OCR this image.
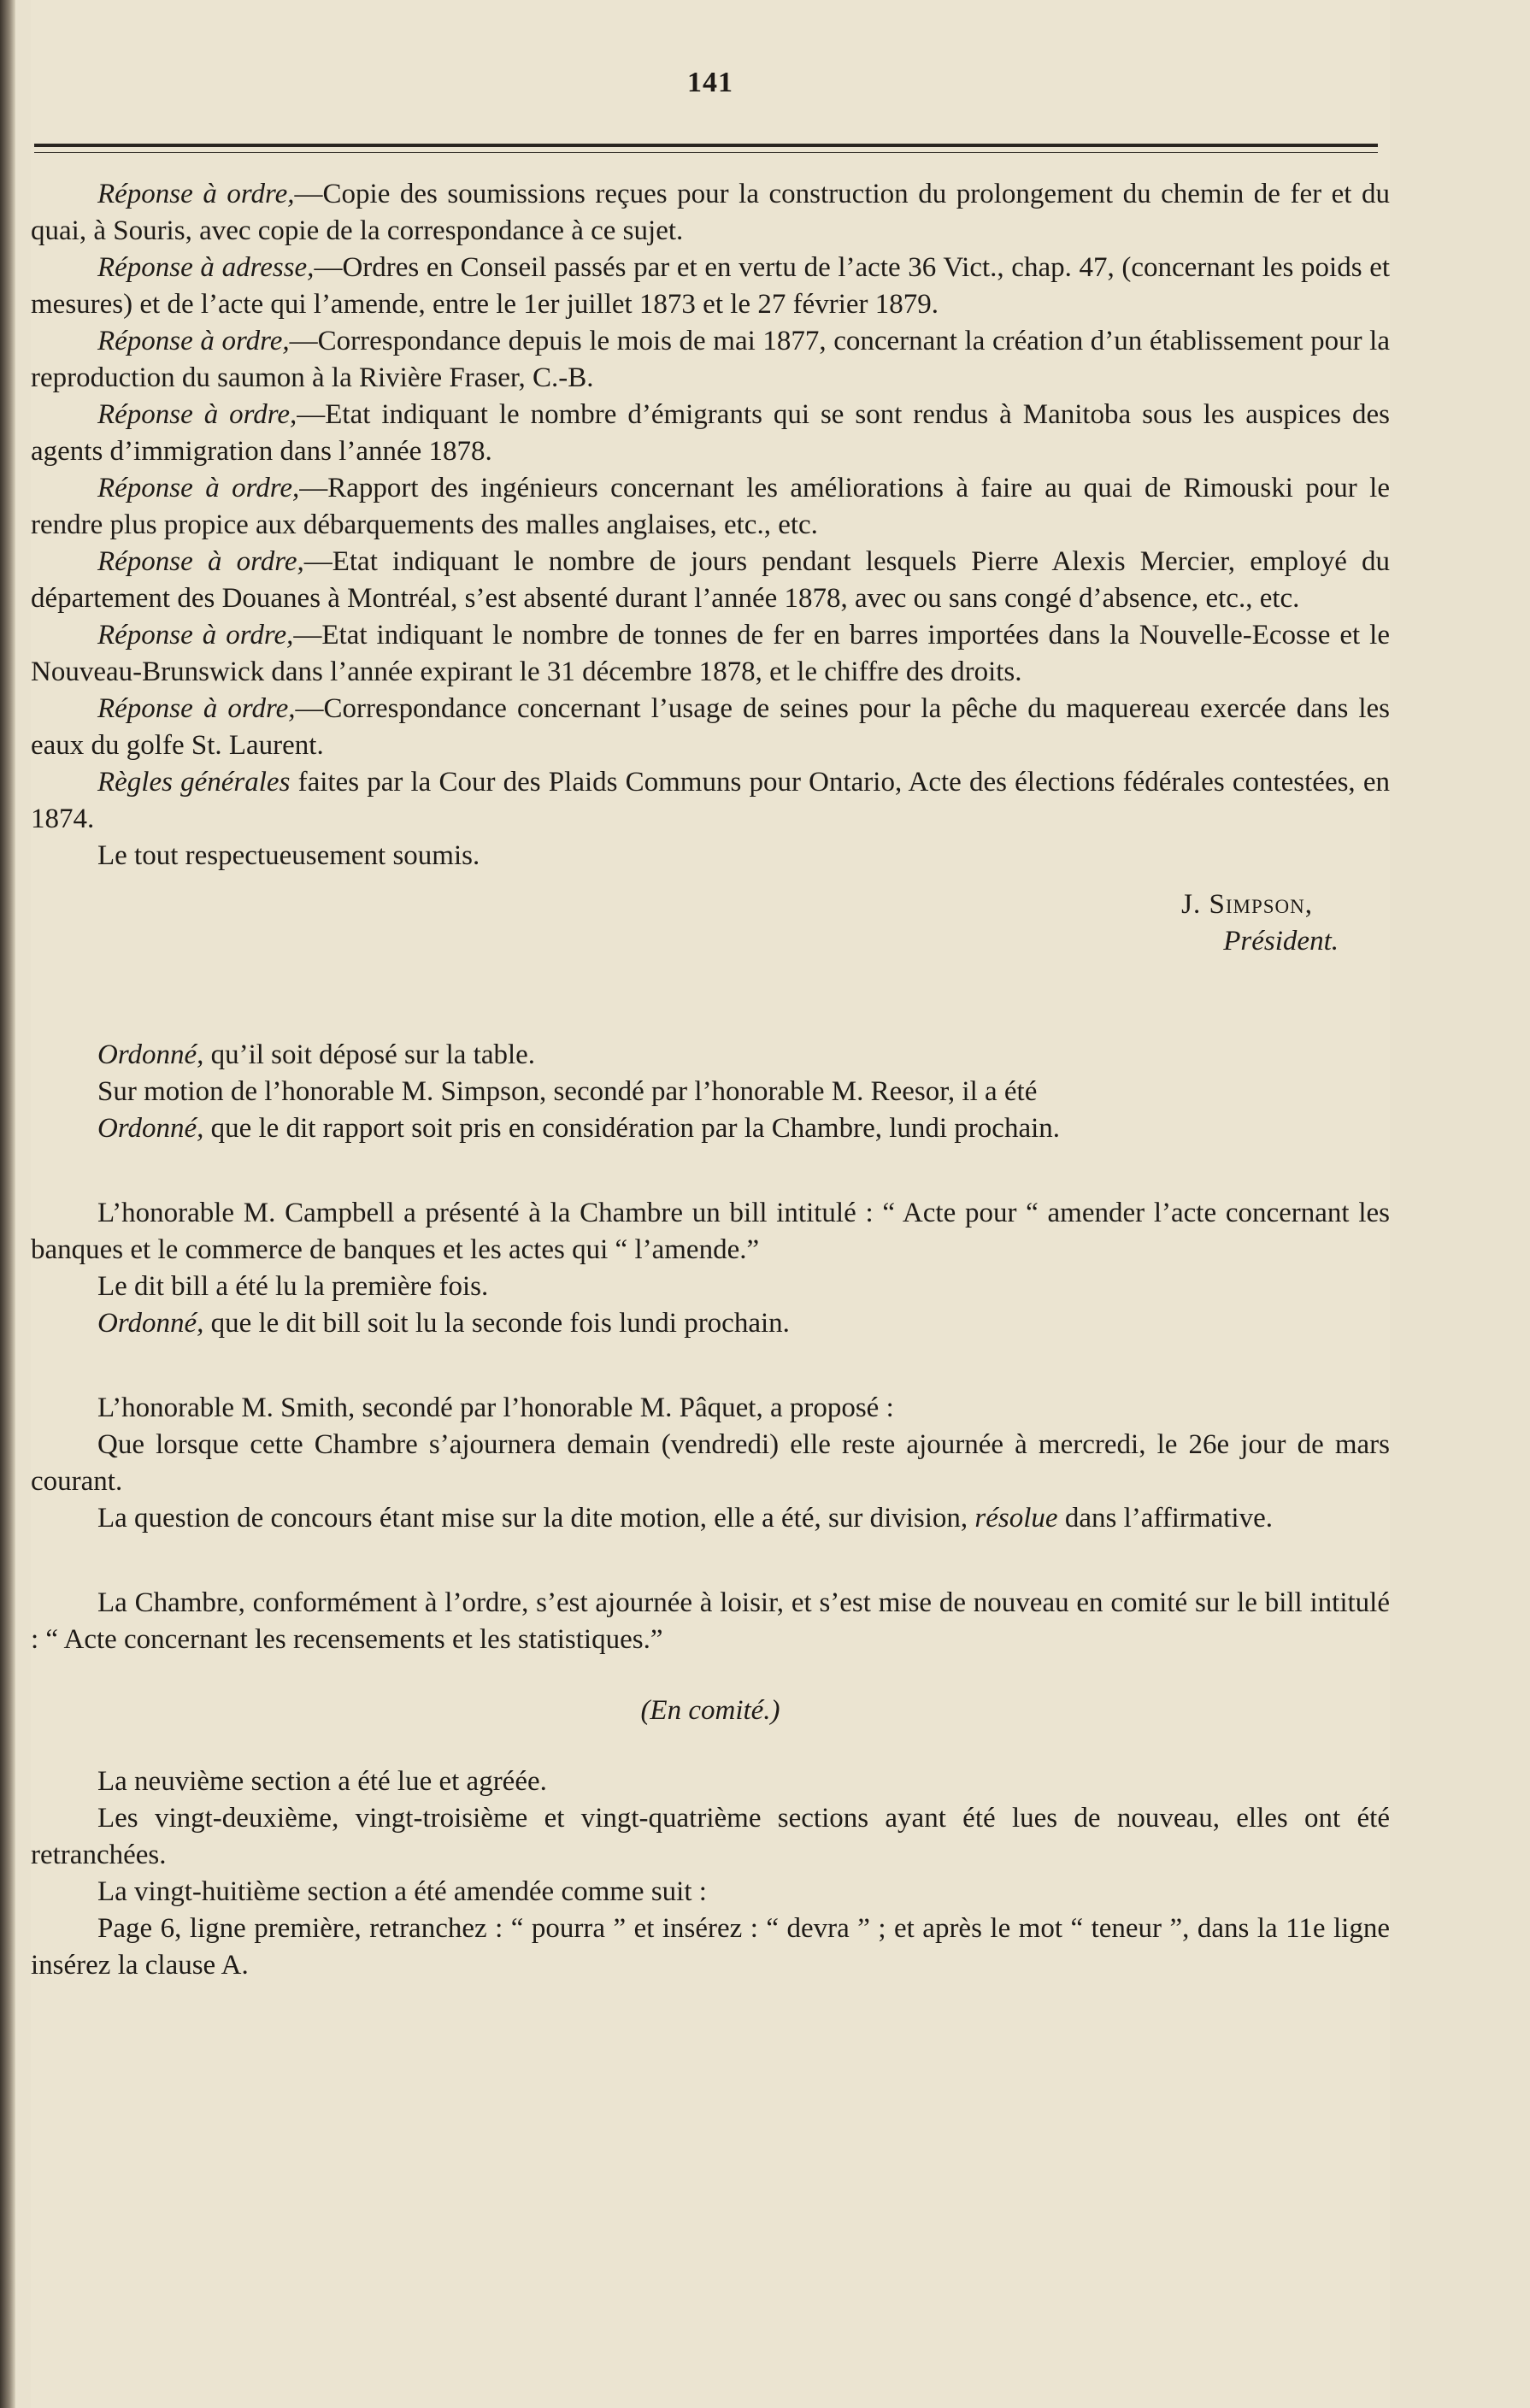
141

Réponse à ordre,—Copie des soumissions reçues pour la construction du prolongement du chemin de fer et du quai, à Souris, avec copie de la correspondance à ce sujet.

Réponse à adresse,—Ordres en Conseil passés par et en vertu de l’acte 36 Vict., chap. 47, (concernant les poids et mesures) et de l’acte qui l’amende, entre le 1er juillet 1873 et le 27 février 1879.

Réponse à ordre,—Correspondance depuis le mois de mai 1877, concernant la création d’un établissement pour la reproduction du saumon à la Rivière Fraser, C.-B.

Réponse à ordre,—Etat indiquant le nombre d’émigrants qui se sont rendus à Manitoba sous les auspices des agents d’immigration dans l’année 1878.

Réponse à ordre,—Rapport des ingénieurs concernant les améliorations à faire au quai de Rimouski pour le rendre plus propice aux débarquements des malles anglaises, etc., etc.

Réponse à ordre,—Etat indiquant le nombre de jours pendant lesquels Pierre Alexis Mercier, employé du département des Douanes à Montréal, s’est absenté durant l’année 1878, avec ou sans congé d’absence, etc., etc.

Réponse à ordre,—Etat indiquant le nombre de tonnes de fer en barres importées dans la Nouvelle-Ecosse et le Nouveau-Brunswick dans l’année expirant le 31 décembre 1878, et le chiffre des droits.

Réponse à ordre,—Correspondance concernant l’usage de seines pour la pêche du maquereau exercée dans les eaux du golfe St. Laurent.

Règles générales faites par la Cour des Plaids Communs pour Ontario, Acte des élections fédérales contestées, en 1874.

Le tout respectueusement soumis.

J. Simpson,

Président.

Ordonné, qu’il soit déposé sur la table.

Sur motion de l’honorable M. Simpson, secondé par l’honorable M. Reesor, il a été

Ordonné, que le dit rapport soit pris en considération par la Chambre, lundi prochain.

L’honorable M. Campbell a présenté à la Chambre un bill intitulé : “ Acte pour “ amender l’acte concernant les banques et le commerce de banques et les actes qui “ l’amende.”

Le dit bill a été lu la première fois.

Ordonné, que le dit bill soit lu la seconde fois lundi prochain.

L’honorable M. Smith, secondé par l’honorable M. Pâquet, a proposé :

Que lorsque cette Chambre s’ajournera demain (vendredi) elle reste ajournée à mercredi, le 26e jour de mars courant.

La question de concours étant mise sur la dite motion, elle a été, sur division, résolue dans l’affirmative.

La Chambre, conformément à l’ordre, s’est ajournée à loisir, et s’est mise de nouveau en comité sur le bill intitulé : “ Acte concernant les recensements et les statistiques.”

(En comité.)

La neuvième section a été lue et agréée.

Les vingt-deuxième, vingt-troisième et vingt-quatrième sections ayant été lues de nouveau, elles ont été retranchées.

La vingt-huitième section a été amendée comme suit :

Page 6, ligne première, retranchez : “ pourra ” et insérez : “ devra ” ; et après le mot “ teneur ”, dans la 11e ligne insérez la clause A.
